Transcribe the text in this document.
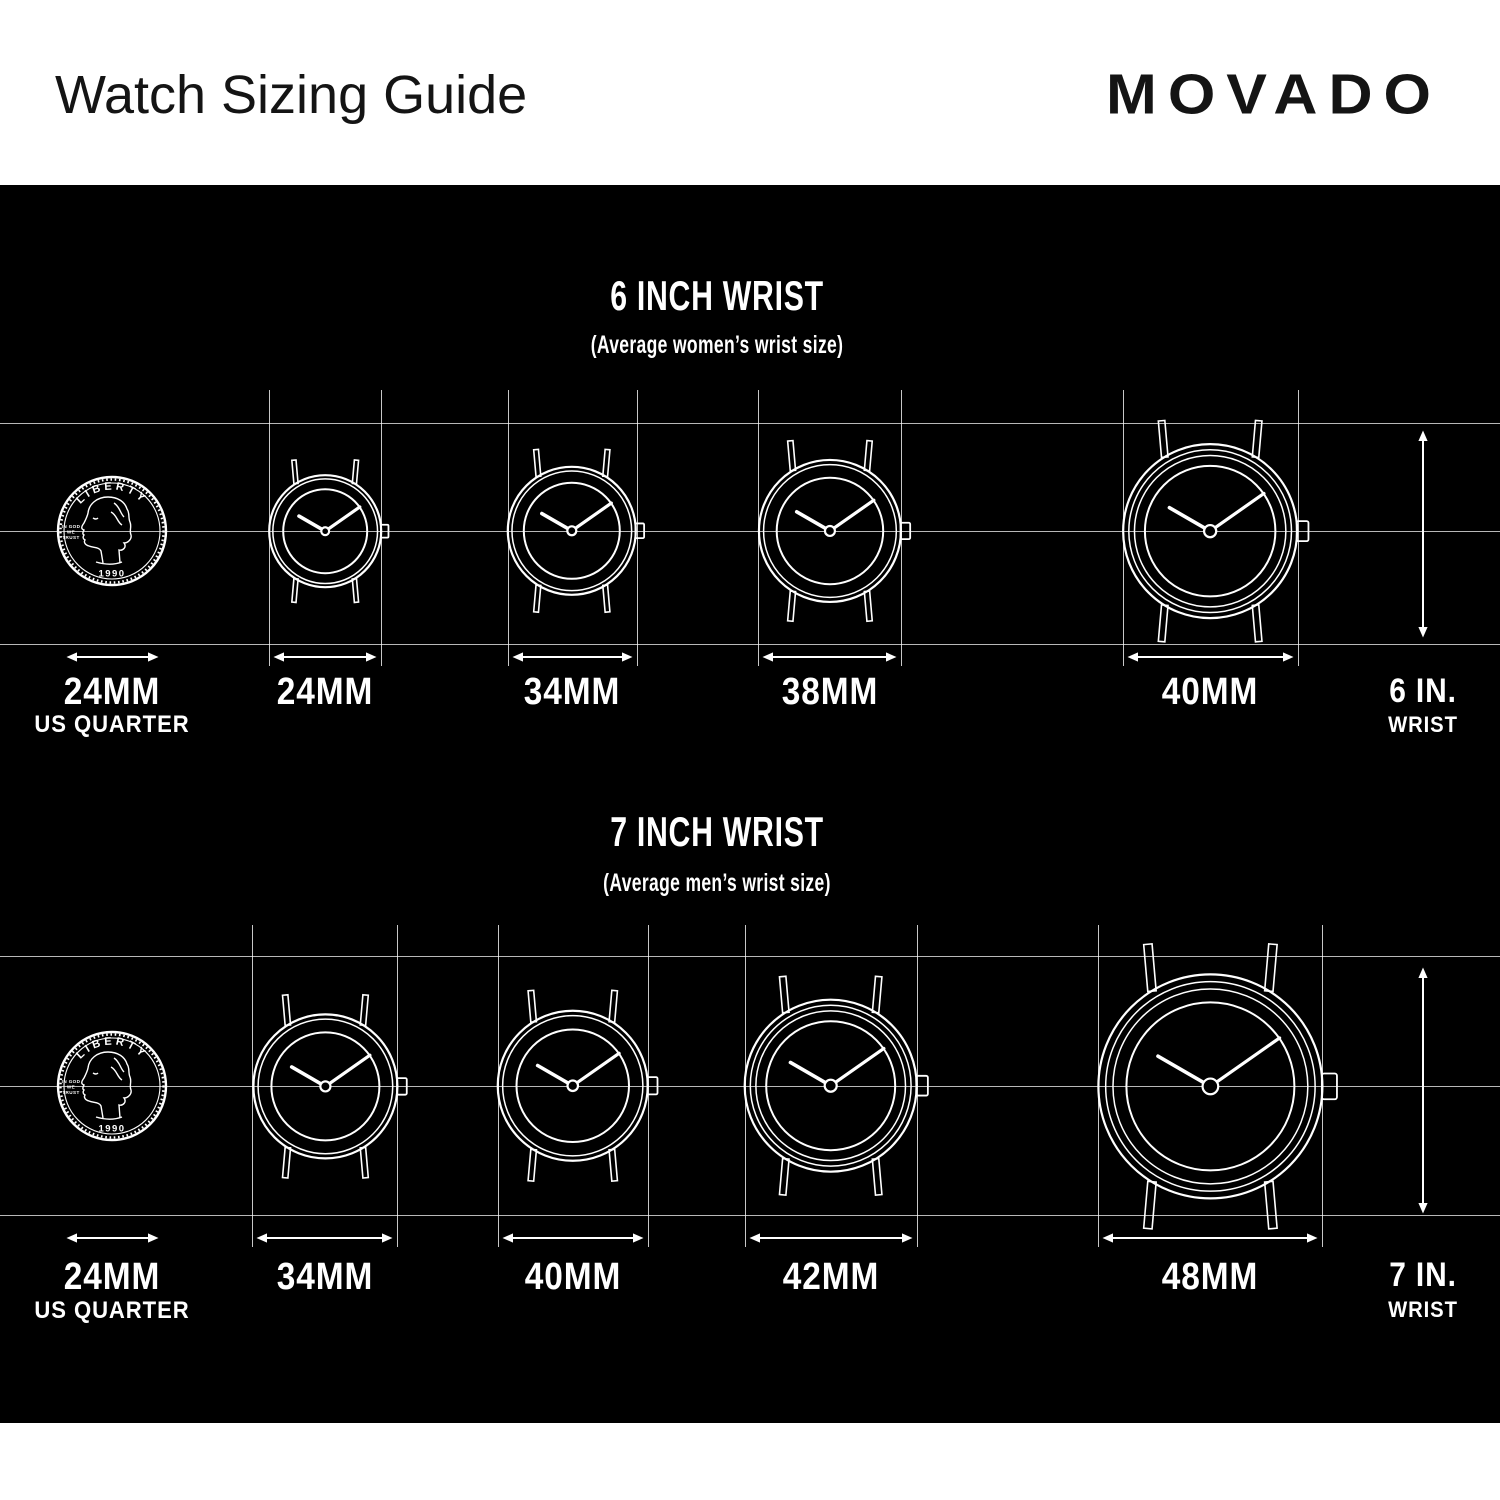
Watch Sizing Guide	MOVADO
6 INCH WRIST
(Average women’s wrist size)
7 INCH WRIST
(Average men’s wrist size)
LIBERTY
IN GOD
WE
TRUST
1990
24MM
US QUARTER
24MM	34MM	38MM	40MM	6 IN.
WRIST
LIBERTY
IN GOD
WE
TRUST
1990
24MM
US QUARTER
34MM	40MM	42MM	48MM	7 IN.
WRIST
